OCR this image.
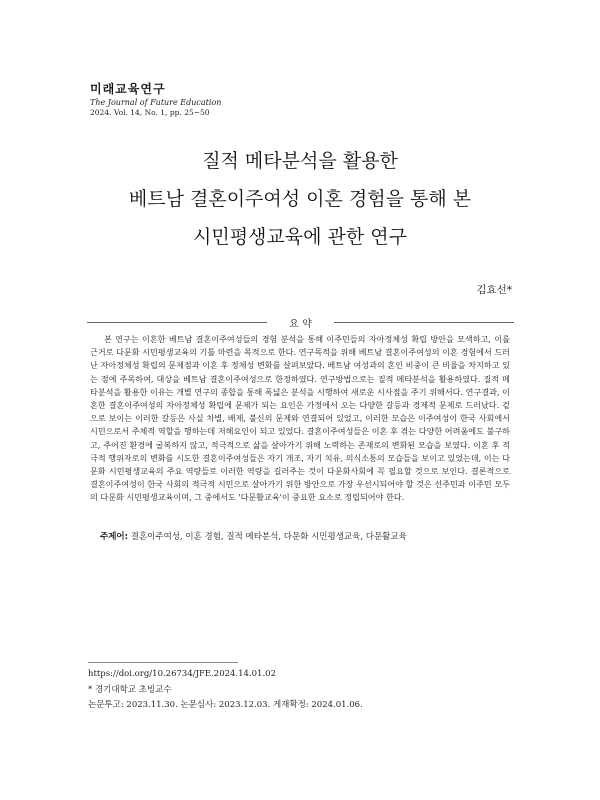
미래교육연구
The Journal of Future Education
2024. Vol. 14, No. 1, pp. 25~50
질적 메타분석을 활용한
베트남 결혼이주여성 이혼 경험을 통해 본
시민평생교육에 관한 연구
김효선*
요 약

본 연구는 이혼한 베트남 결혼이주여성들의 경험 분석을 통해 이주민들의 자아정체성 확립 방안을 모색하고, 이를 근거로 다문화 시민평생교육의 기틀 마련을 목적으로 한다. 연구목적을 위해 베트남 결혼이주여성의 이혼 경험에서 드러난 자아정체성 확립의 문제점과 이혼 후 정체성 변화를 살펴보았다. 베트남 여성과의 혼인 비중이 큰 비율을 차지하고 있는 점에 주목하여, 대상을 베트남 결혼이주여성으로 한정하였다. 연구방법으로는 질적 메타분석을 활용하였다. 질적 메타분석을 활용한 이유는 개별 연구의 종합을 통해 폭넓은 분석을 시행하여 새로운 시사점을 주기 위해서다. 연구결과, 이혼한 결혼이주여성의 자아정체성 확립에 문제가 되는 요인은 가정에서 오는 다양한 갈등과 경제적 문제로 드러났다. 겉으로 보이는 이러한 갈등은 사실 차별, 배제, 불신의 문제와 연결되어 있었고, 이러한 모습은 이주여성이 한국 사회에서 시민으로서 주체적 역할을 행하는데 저해요인이 되고 있었다. 결혼이주여성들은 이혼 후 겪는 다양한 어려움에도 불구하고, 주어진 환경에 굴복하지 않고, 적극적으로 삶을 살아가기 위해 노력하는 존재로의 변화된 모습을 보였다. 이혼 후 적극적 행위자로의 변화를 시도한 결혼이주여성들은 자기 개조, 자기 치유, 의식소통의 모습들을 보이고 있었는데, 이는 다문화 시민평생교육의 주요 역량들로 이러한 역량을 길러주는 것이 다문화사회에 꼭 필요할 것으로 보인다. 결론적으로 결혼이주여성이 한국 사회의 적극적 시민으로 살아가기 위한 방안으로 가장 우선시되어야 할 것은 선주민과 이주민 모두의 다문화 시민평생교육이며, 그 중에서도 '다문활교육'이 중요한 요소로 정립되어야 한다.

주제어: 결혼이주여성, 이혼 경험, 질적 메타분석, 다문화 시민평생교육, 다문활교육
https://doi.org/10.26734/JFE.2024.14.01.02
* 경기대학교 초빙교수
논문투고: 2023.11.30. 논문심사: 2023.12.03. 게재확정: 2024.01.06.
